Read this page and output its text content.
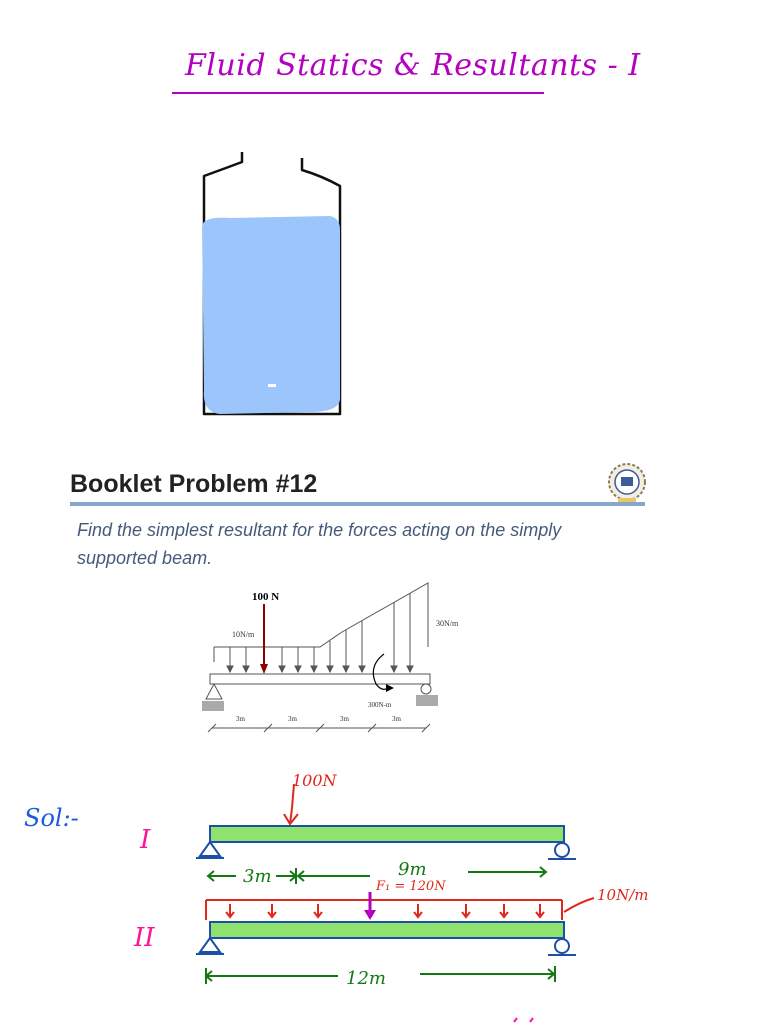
Fluid Statics & Resultants - I
Booklet Problem #12
Find the simplest resultant for the forces acting on the simply supported beam.
100 N
10N/m
30N/m
300N-m
3m	3m	3m	3m
Sol:-
I
100N
3m	9m
II
F₁ = 120N	10N/m
12m
